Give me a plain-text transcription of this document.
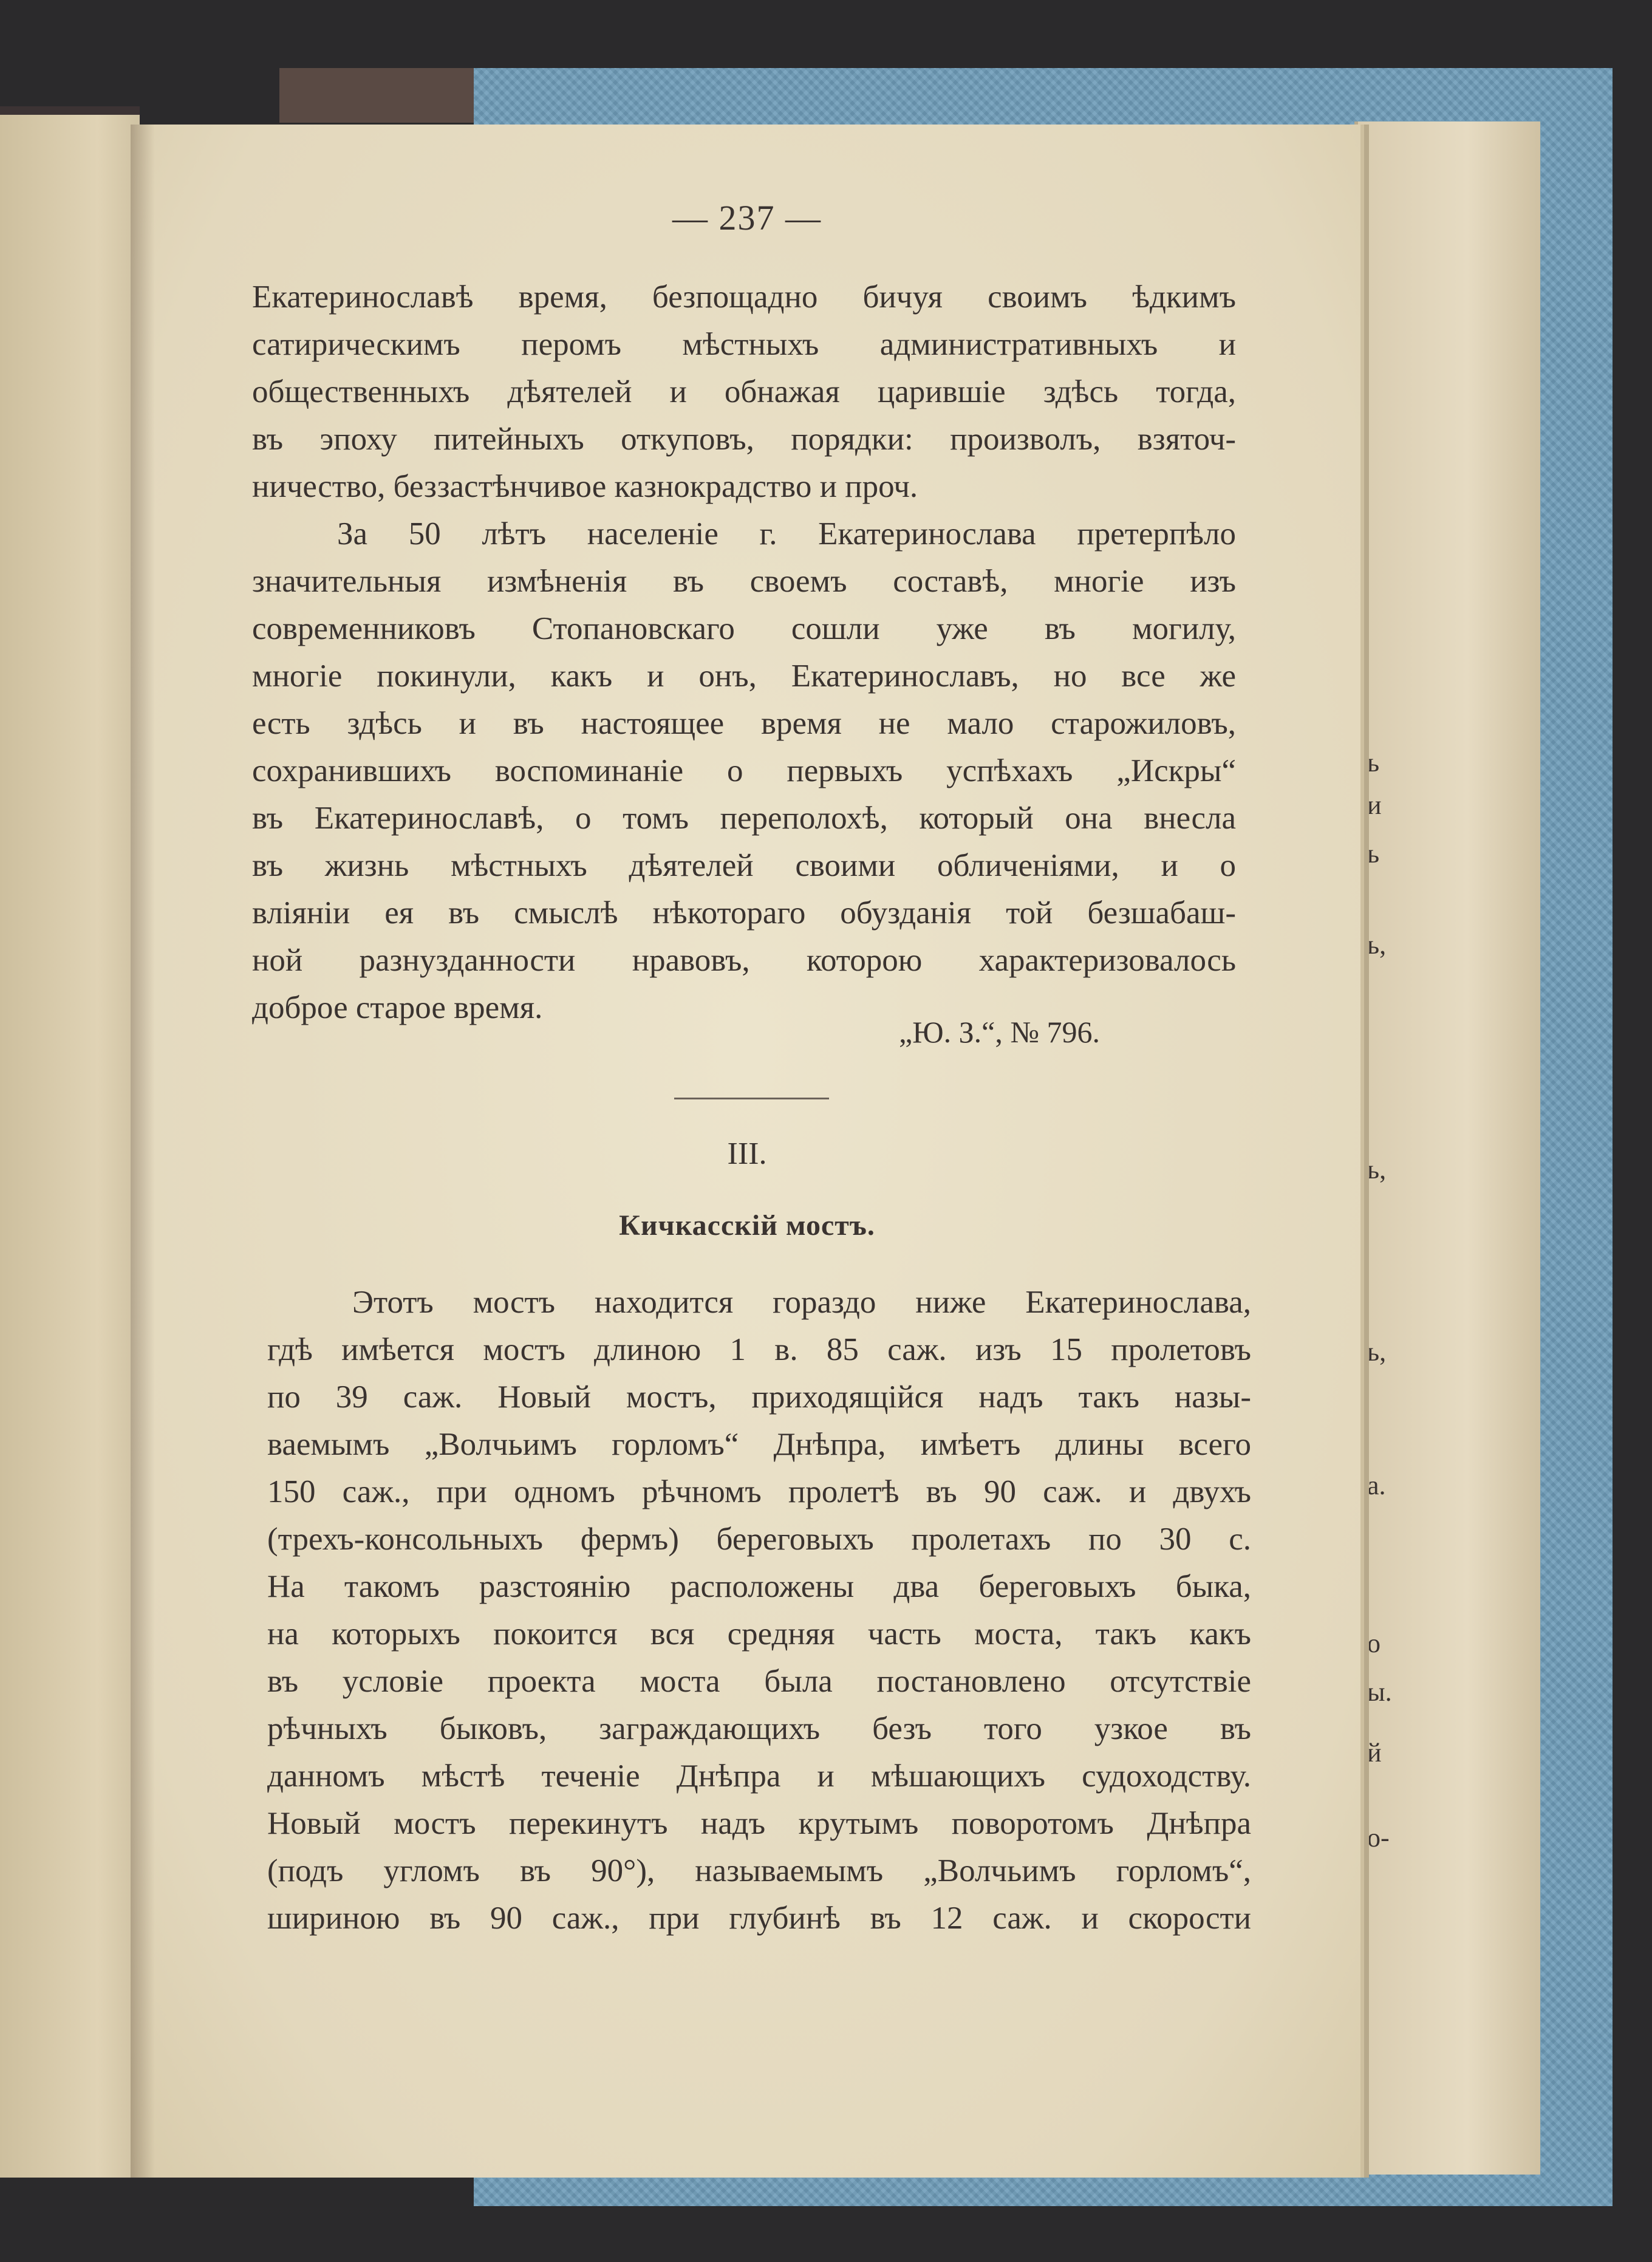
ь
и
ь
ь,
ь,
ь,
а.
о
ы.
й
о-
— 237 —
Екатеринославѣ время, безпощадно бичуя своимъ ѣдкимъ
сатирическимъ перомъ мѣстныхъ административныхъ и
общественныхъ дѣятелей и обнажая царившіе здѣсь тогда,
въ эпоху питейныхъ откуповъ, порядки: произволъ, взяточ-
ничество, беззастѣнчивое казнокрадство и проч.
За 50 лѣтъ населеніе г. Екатеринослава претерпѣло
значительныя измѣненія въ своемъ составѣ, многіе изъ
современниковъ Стопановскаго сошли уже въ могилу,
многіе покинули, какъ и онъ, Екатеринославъ, но все же
есть здѣсь и въ настоящее время не мало старожиловъ,
сохранившихъ воспоминаніе о первыхъ успѣхахъ „Искры“
въ Екатеринославѣ, о томъ переполохѣ, который она внесла
въ жизнь мѣстныхъ дѣятелей своими обличеніями, и о
вліяніи ея въ смыслѣ нѣкотораго обузданія той безшабаш-
ной разнузданности нравовъ, которою характеризовалось
доброе старое время.
„Ю. З.“, № 796.
III.
Кичкасскій мостъ.
Этотъ мостъ находится гораздо ниже Екатеринослава,
гдѣ имѣется мостъ длиною 1 в. 85 саж. изъ 15 пролетовъ
по 39 саж. Новый мостъ, приходящійся надъ такъ назы-
ваемымъ „Волчьимъ горломъ“ Днѣпра, имѣетъ длины всего
150 саж., при одномъ рѣчномъ пролетѣ въ 90 саж. и двухъ
(трехъ-консольныхъ фермъ) береговыхъ пролетахъ по 30 с.
На такомъ разстоянію расположены два береговыхъ быка,
на которыхъ покоится вся средняя часть моста, такъ какъ
въ условіе проекта моста была постановлено отсутствіе
рѣчныхъ быковъ, заграждающихъ безъ того узкое въ
данномъ мѣстѣ теченіе Днѣпра и мѣшающихъ судоходству.
Новый мостъ перекинутъ надъ крутымъ поворотомъ Днѣпра
(подъ угломъ въ 90°), называемымъ „Волчьимъ горломъ“,
шириною въ 90 саж., при глубинѣ въ 12 саж. и скорости
